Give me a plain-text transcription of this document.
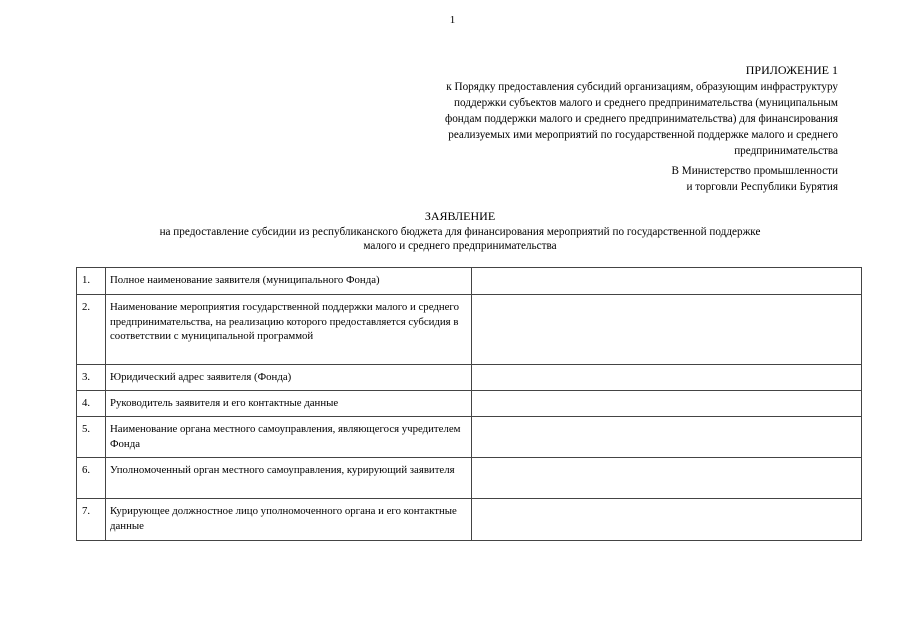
1
ПРИЛОЖЕНИЕ 1
к Порядку предоставления субсидий организациям, образующим инфраструктуру
поддержки субъектов малого и среднего предпринимательства (муниципальным
фондам поддержки малого и среднего предпринимательства) для финансирования
реализуемых ими мероприятий по государственной поддержке малого и среднего
предпринимательства
В Министерство промышленности
и торговли Республики Бурятия
ЗАЯВЛЕНИЕ
на предоставление субсидии из республиканского бюджета для финансирования мероприятий по государственной поддержке
малого и среднего предпринимательства
1.	Полное наименование заявителя (муниципального Фонда)	
2.	Наименование мероприятия государственной поддержки малого и среднего предпринимательства, на реализацию которого предоставляется субсидия в соответствии с муниципальной программой	
3.	Юридический адрес заявителя (Фонда)	
4.	Руководитель заявителя и его контактные данные	
5.	Наименование органа местного самоуправления, являющегося учредителем Фонда	
6.	Уполномоченный орган местного самоуправления, курирующий заявителя	
7.	Курирующее должностное лицо уполномоченного органа и его контактные данные	
